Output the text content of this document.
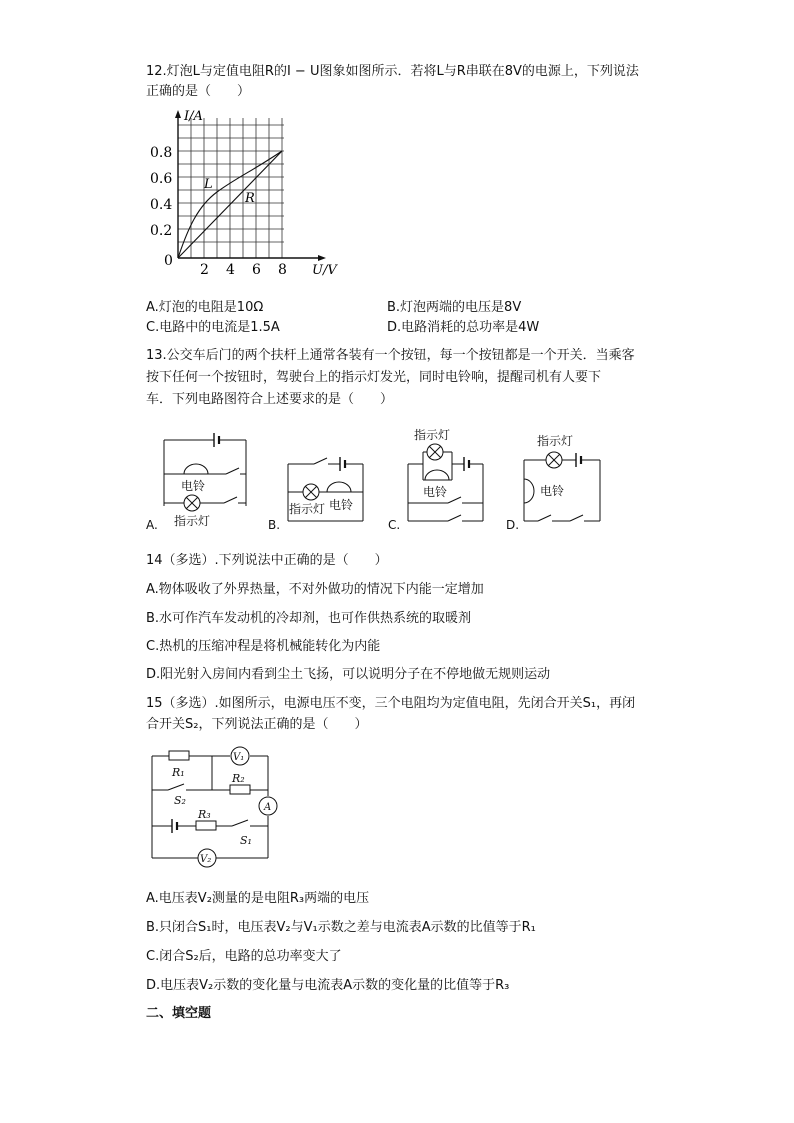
12.灯泡L与定值电阻R的I − U图象如图所示．若将L与R串联在8V的电源上，下列说法
正确的是（　　）
I/A
U/V
0
0.2
0.4
0.6
0.8
2 4 6 8
L
R
A.灯泡的电阻是10Ω	B.灯泡两端的电压是8V
C.电路中的电流是1.5A	D.电路消耗的总功率是4W
13.公交车后门的两个扶杆上通常各装有一个按钮，每一个按钮都是一个开关．当乘客
按下任何一个按钮时，驾驶台上的指示灯发光，同时电铃响，提醒司机有人要下
车．下列电路图符合上述要求的是（　　）
电铃
指示灯
指示灯 电铃
指示灯
电铃
指示灯
电铃
A.	B.	C.	D.
14（多选）.下列说法中正确的是（　　）
A.物体吸收了外界热量，不对外做功的情况下内能一定增加
B.水可作汽车发动机的冷却剂，也可作供热系统的取暖剂
C.热机的压缩冲程是将机械能转化为内能
D.阳光射入房间内看到尘土飞扬，可以说明分子在不停地做无规则运动
15（多选）.如图所示，电源电压不变，三个电阻均为定值电阻，先闭合开关S₁，再闭
合开关S₂，下列说法正确的是（　　）
R₁	R₂
R₃
S₂
S₁
V₁
V₂
A
A.电压表V₂测量的是电阻R₃两端的电压
B.只闭合S₁时，电压表V₂与V₁示数之差与电流表A示数的比值等于R₁
C.闭合S₂后，电路的总功率变大了
D.电压表V₂示数的变化量与电流表A示数的变化量的比值等于R₃
二、填空题
